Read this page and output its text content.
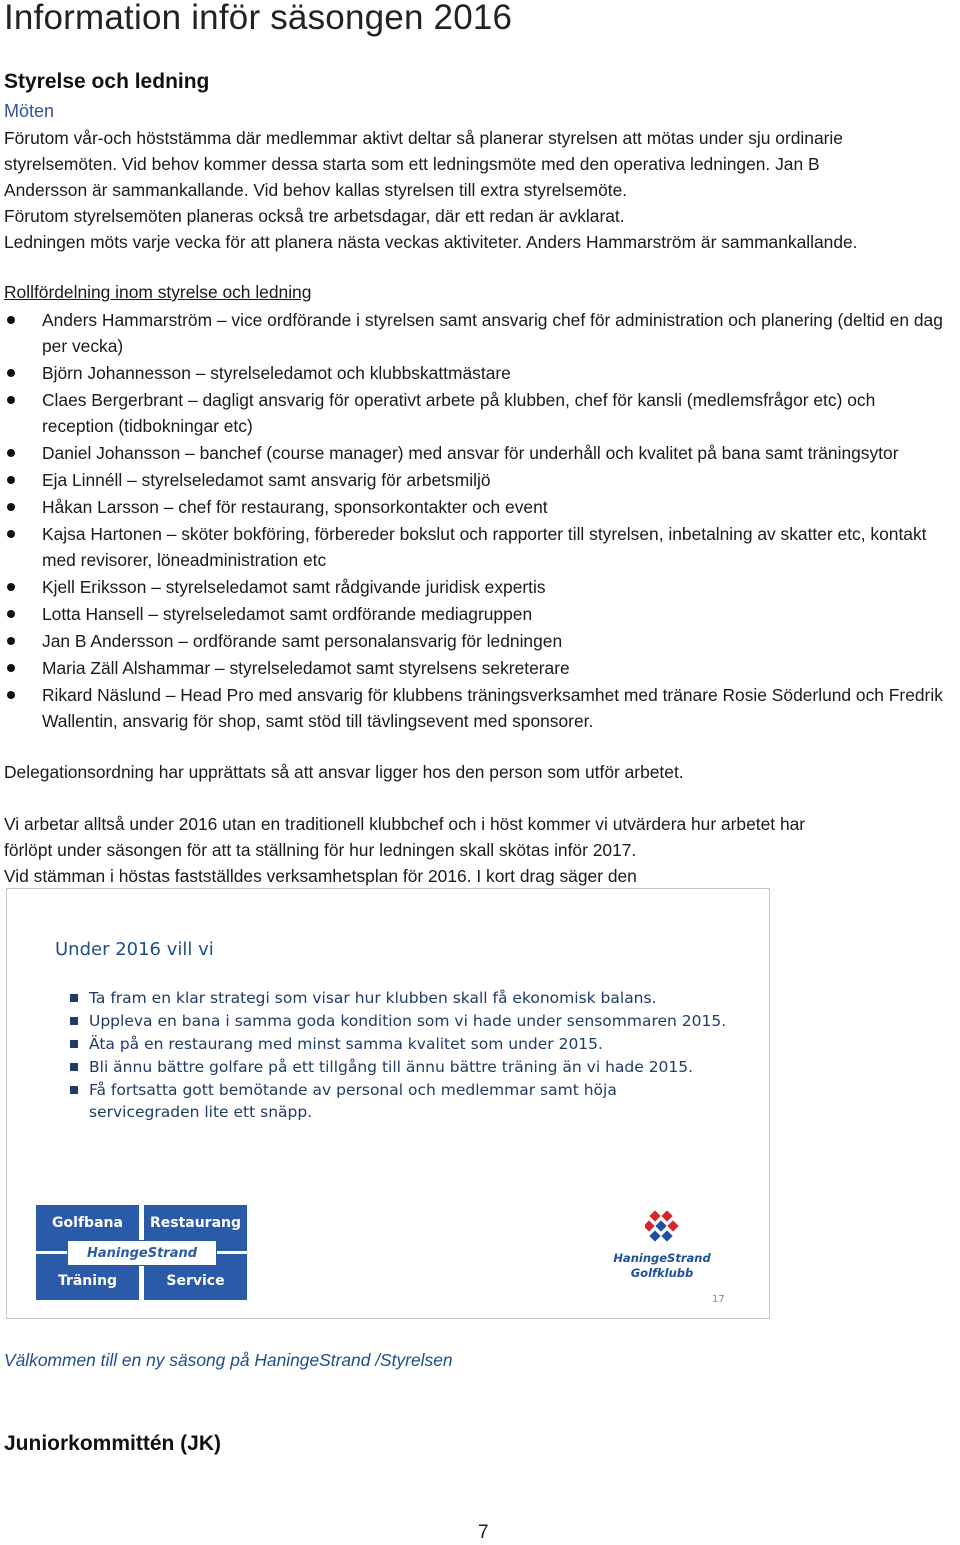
Information inför säsongen 2016
Styrelse och ledning
Möten
Förutom vår-och höststämma där medlemmar aktivt deltar så planerar styrelsen att mötas under sju ordinarie
styrelsemöten. Vid behov kommer dessa starta som ett ledningsmöte med den operativa ledningen. Jan B
Andersson är sammankallande. Vid behov kallas styrelsen till extra styrelsemöte.
Förutom styrelsemöten planeras också tre arbetsdagar, där ett redan är avklarat.
Ledningen möts varje vecka för att planera nästa veckas aktiviteter. Anders Hammarström är sammankallande.
Rollfördelning inom styrelse och ledning
Anders Hammarström – vice ordförande i styrelsen samt ansvarig chef för administration och planering (deltid en dag per vecka)
Björn Johannesson – styrelseledamot och klubbskattmästare
Claes Bergerbrant – dagligt ansvarig för operativt arbete på klubben, chef för kansli (medlemsfrågor etc) och reception (tidbokningar etc)
Daniel Johansson – banchef (course manager) med ansvar för underhåll och kvalitet på bana samt träningsytor
Eja Linnéll – styrelseledamot samt ansvarig för arbetsmiljö
Håkan Larsson – chef för restaurang, sponsorkontakter och event
Kajsa Hartonen – sköter bokföring, förbereder bokslut och rapporter till styrelsen, inbetalning av skatter etc, kontakt med revisorer, löneadministration etc
Kjell Eriksson – styrelseledamot samt rådgivande juridisk expertis
Lotta Hansell – styrelseledamot samt ordförande mediagruppen
Jan B Andersson – ordförande samt personalansvarig för ledningen
Maria Zäll Alshammar – styrelseledamot samt styrelsens sekreterare
Rikard Näslund – Head Pro med ansvarig för klubbens träningsverksamhet med tränare Rosie Söderlund och Fredrik Wallentin, ansvarig för shop, samt stöd till tävlingsevent med sponsorer.
Delegationsordning har upprättats så att ansvar ligger hos den person som utför arbetet.
Vi arbetar alltså under 2016 utan en traditionell klubbchef och i höst kommer vi utvärdera hur arbetet har
förlöpt under säsongen för att ta ställning för hur ledningen skall skötas inför 2017.
Vid stämman i höstas fastställdes verksamhetsplan för 2016. I kort drag säger den
Under 2016 vill vi
Ta fram en klar strategi som visar hur klubben skall få ekonomisk balans.
Uppleva en bana i samma goda kondition som vi hade under sensommaren 2015.
Äta på en restaurang med minst samma kvalitet som under 2015.
Bli ännu bättre golfare på ett tillgång till ännu bättre träning än vi hade 2015.
Få fortsatta gott bemötande av personal och medlemmar samt höja servicegraden lite ett snäpp.
Golfbana	Restaurang
Träning	Service
HaningeStrand	HaningeStrand
Golfklubb
17
Välkommen till en ny säsong på HaningeStrand /Styrelsen
Juniorkommittén (JK)
7
